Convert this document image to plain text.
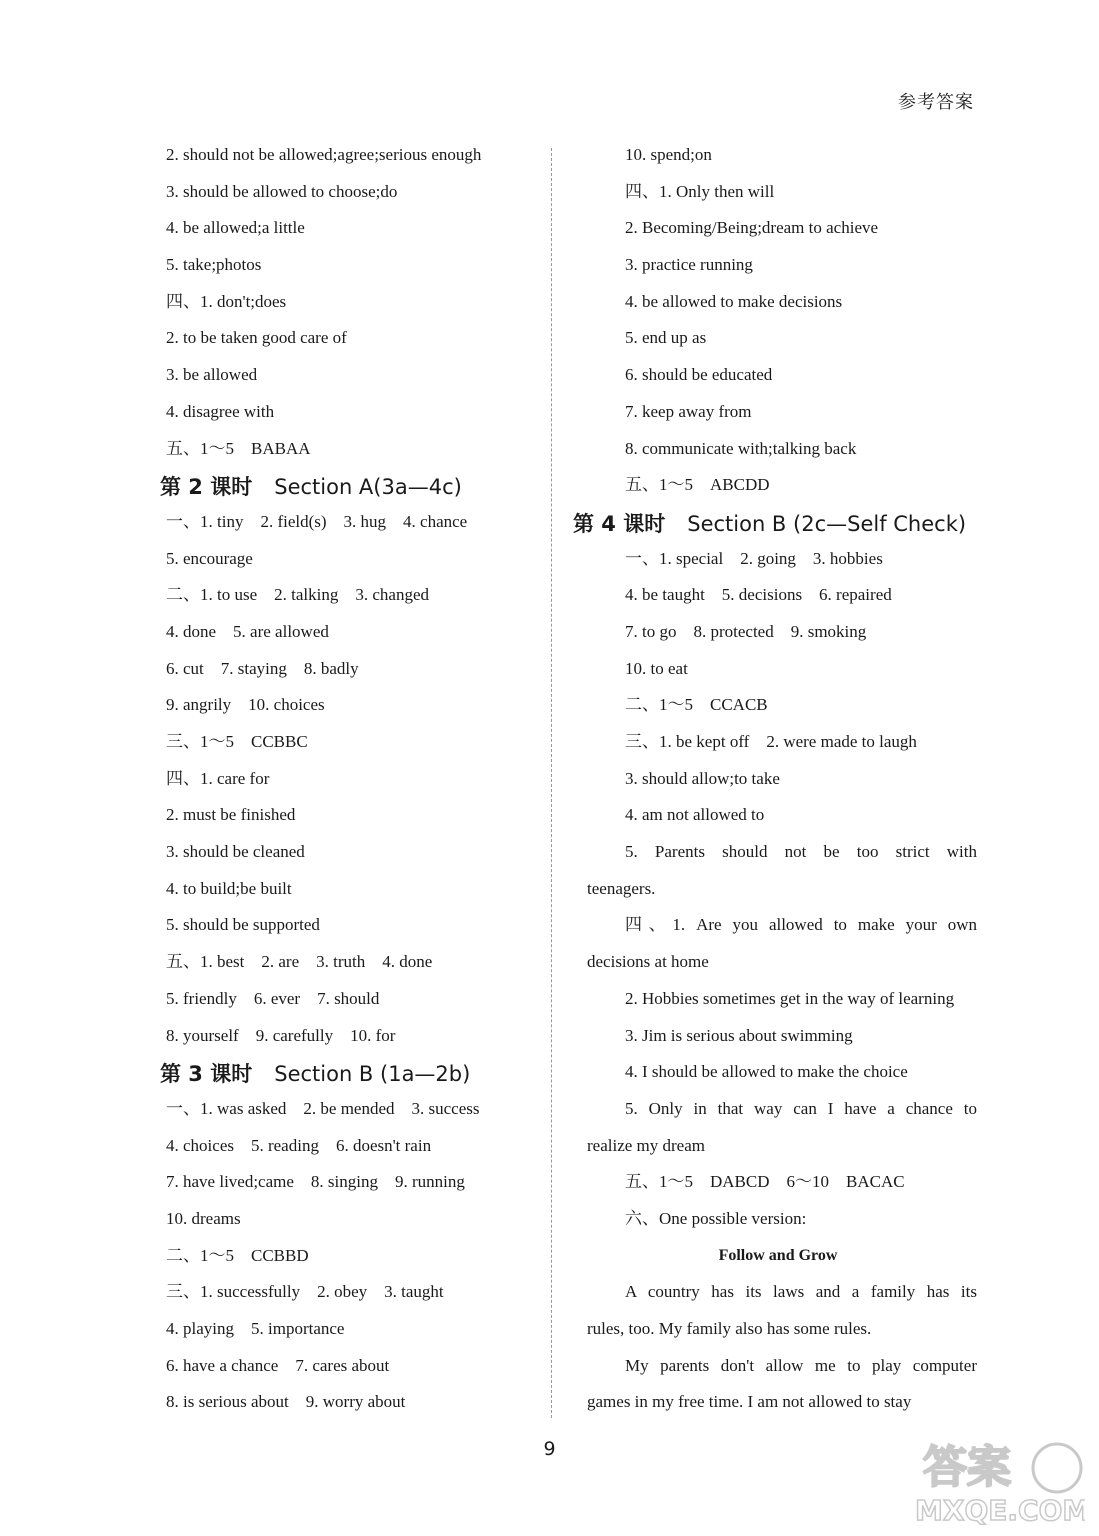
参考答案
2. should not be allowed;agree;serious enough
3. should be allowed to choose;do
4. be allowed;a little
5. take;photos
四、1. don't;does
2. to be taken good care of
3. be allowed
4. disagree with
五、1～5　BABAA
第 2 课时 Section A(3a—4c)
一、1. tiny　2. field(s)　3. hug　4. chance
5. encourage
二、1. to use　2. talking　3. changed
4. done　5. are allowed
6. cut　7. staying　8. badly
9. angrily　10. choices
三、1～5　CCBBC
四、1. care for
2. must be finished
3. should be cleaned
4. to build;be built
5. should be supported
五、1. best　2. are　3. truth　4. done
5. friendly　6. ever　7. should
8. yourself　9. carefully　10. for
第 3 课时 Section B (1a—2b)
一、1. was asked　2. be mended　3. success
4. choices　5. reading　6. doesn't rain
7. have lived;came　8. singing　9. running
10. dreams
二、1～5　CCBBD
三、1. successfully　2. obey　3. taught
4. playing　5. importance
6. have a chance　7. cares about
8. is serious about　9. worry about
10. spend;on
四、1. Only then will
2. Becoming/Being;dream to achieve
3. practice running
4. be allowed to make decisions
5. end up as
6. should be educated
7. keep away from
8. communicate with;talking back
五、1～5　ABCDD
第 4 课时 Section B (2c—Self Check)
一、1. special　2. going　3. hobbies
4. be taught　5. decisions　6. repaired
7. to go　8. protected　9. smoking
10. to eat
二、1～5　CCACB
三、1. be kept off　2. were made to laugh
3. should allow;to take
4. am not allowed to
5. Parents should not be too strict with
teenagers.
四、1. Are you allowed to make your own
decisions at home
2. Hobbies sometimes get in the way of learning
3. Jim is serious about swimming
4. I should be allowed to make the choice
5. Only in that way can I have a chance to
realize my dream
五、1～5　DABCD　6～10　BACAC
六、One possible version:
Follow and Grow
A country has its laws and a family has its
rules, too. My family also has some rules.
My parents don't allow me to play computer
games in my free time. I am not allowed to stay
9	答案
MXQE.COM
